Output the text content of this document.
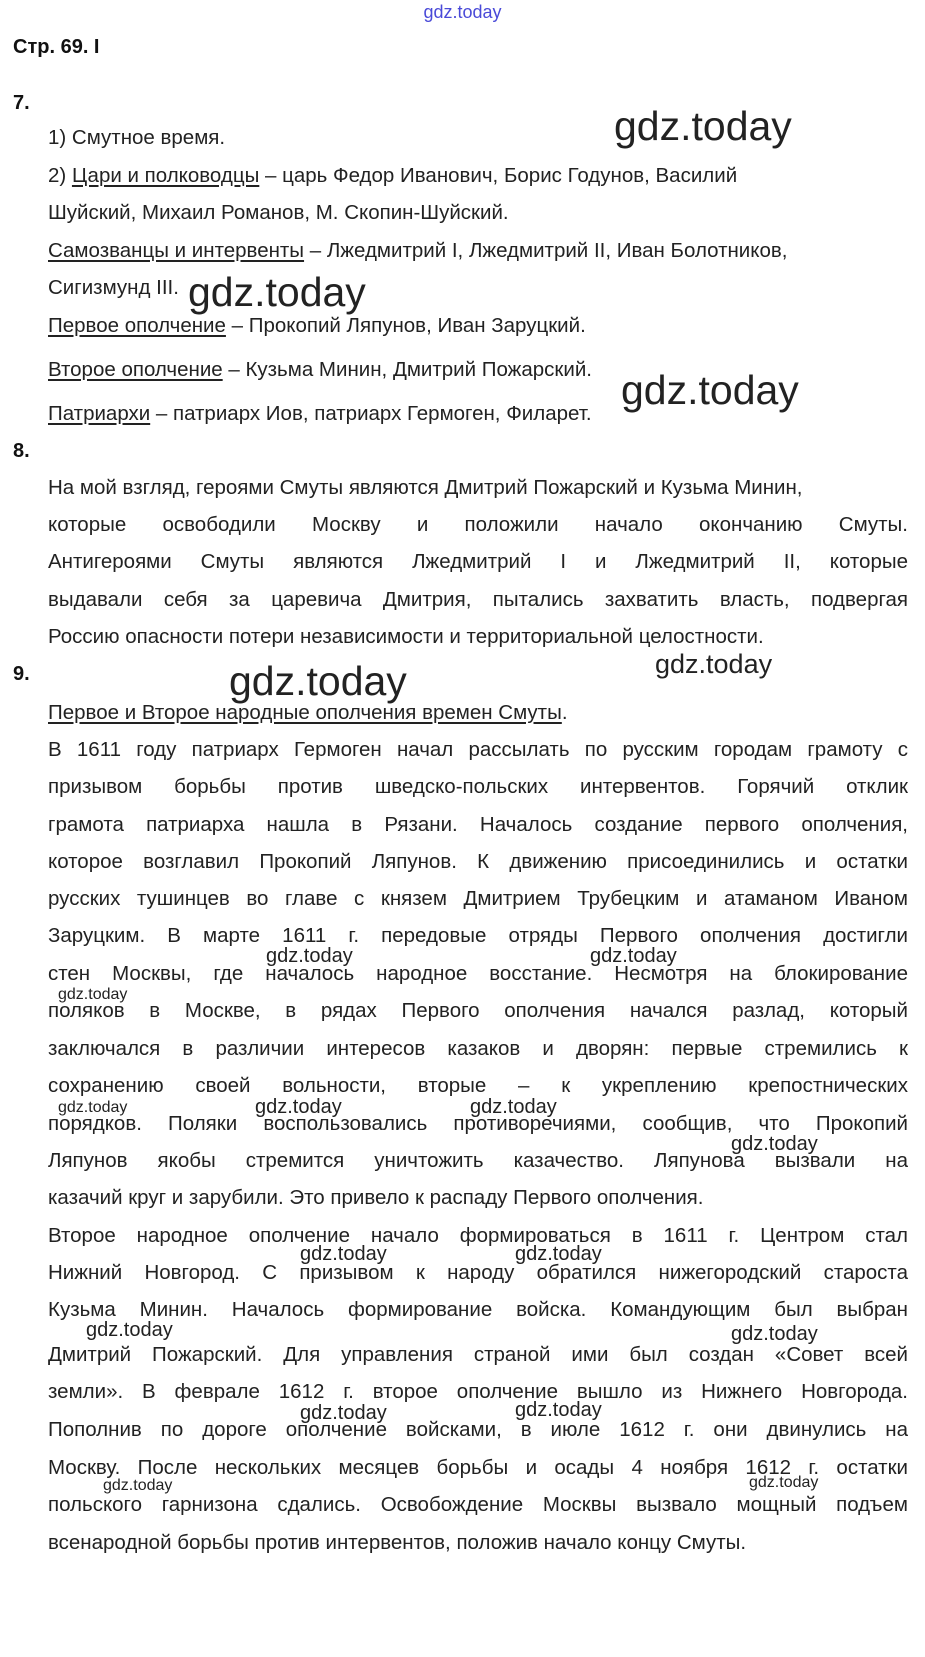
gdz.today
Стр. 69. I
7.
1) Смутное время.
2) Цари и полководцы – царь Федор Иванович, Борис Годунов, Василий
Шуйский, Михаил Романов, М. Скопин-Шуйский.
Самозванцы и интервенты – Лжедмитрий I, Лжедмитрий II, Иван Болотников,
Сигизмунд III.
Первое ополчение – Прокопий Ляпунов, Иван Заруцкий.
Второе ополчение – Кузьма Минин, Дмитрий Пожарский.
Патриархи – патриарх Иов, патриарх Гермоген, Филарет.
8.
На мой взгляд, героями Смуты являются Дмитрий Пожарский и Кузьма Минин,
которые освободили Москву и положили начало окончанию Смуты.
Антигероями Смуты являются Лжедмитрий I и Лжедмитрий II, которые
выдавали себя за царевича Дмитрия, пытались захватить власть, подвергая
Россию опасности потери независимости и территориальной целостности.
9.
Первое и Второе народные ополчения времен Смуты.
В 1611 году патриарх Гермоген начал рассылать по русским городам грамоту с
призывом борьбы против шведско-польских интервентов. Горячий отклик
грамота патриарха нашла в Рязани. Началось создание первого ополчения,
которое возглавил Прокопий Ляпунов. К движению присоединились и остатки
русских тушинцев во главе с князем Дмитрием Трубецким и атаманом Иваном
Заруцким. В марте 1611 г. передовые отряды Первого ополчения достигли
стен Москвы, где началось народное восстание. Несмотря на блокирование
поляков в Москве, в рядах Первого ополчения начался разлад, который
заключался в различии интересов казаков и дворян: первые стремились к
сохранению своей вольности, вторые – к укреплению крепостнических
порядков. Поляки воспользовались противоречиями, сообщив, что Прокопий
Ляпунов якобы стремится уничтожить казачество. Ляпунова вызвали на
казачий круг и зарубили. Это привело к распаду Первого ополчения.
Второе народное ополчение начало формироваться в 1611 г. Центром стал
Нижний Новгород. С призывом к народу обратился нижегородский староста
Кузьма Минин. Началось формирование войска. Командующим был выбран
Дмитрий Пожарский. Для управления страной ими был создан «Совет всей
земли». В феврале 1612 г. второе ополчение вышло из Нижнего Новгорода.
Пополнив по дороге ополчение войсками, в июле 1612 г. они двинулись на
Москву. После нескольких месяцев борьбы и осады 4 ноября 1612 г. остатки
польского гарнизона сдались. Освобождение Москвы вызвало мощный подъем
всенародной борьбы против интервентов, положив начало концу Смуты.
gdz.today
gdz.today
gdz.today
gdz.today
gdz.today
gdz.today	gdz.today
gdz.today
gdz.today	gdz.today	gdz.today
gdz.today
gdz.today	gdz.today
gdz.today	gdz.today
gdz.today	gdz.today
gdz.today	gdz.today
